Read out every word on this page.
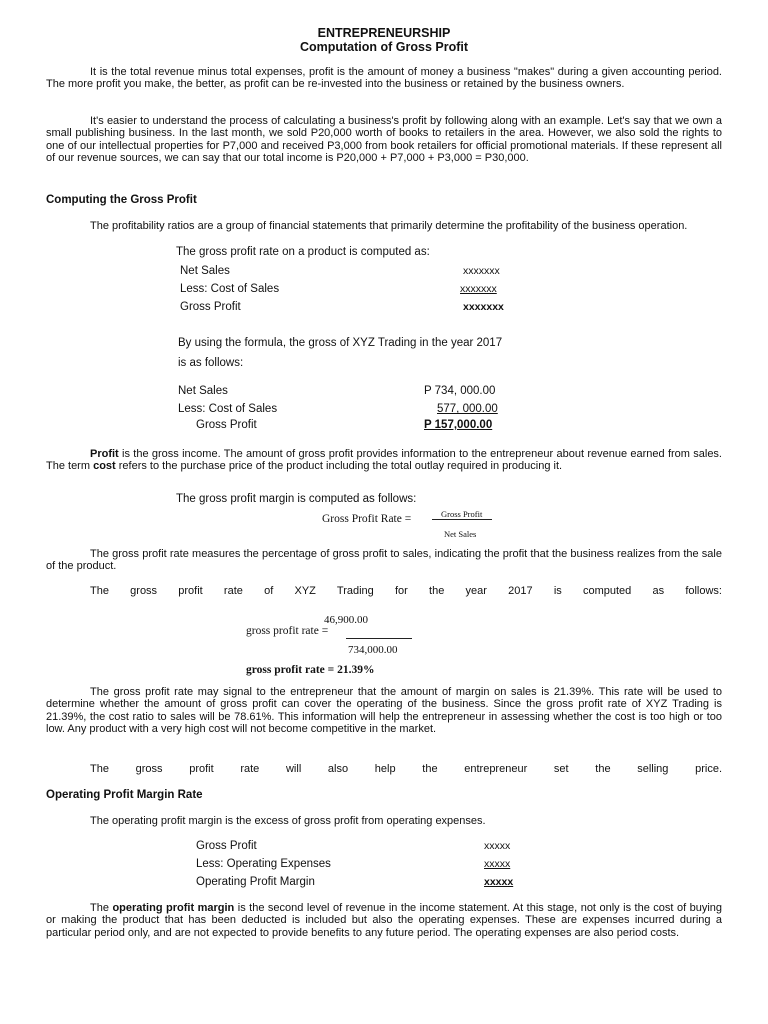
ENTREPRENEURSHIP
Computation of Gross Profit
It is the total revenue minus total expenses, profit is the amount of money a business "makes" during a given accounting period. The more profit you make, the better, as profit can be re-invested into the business or retained by the business owners.
It's easier to understand the process of calculating a business's profit by following along with an example. Let's say that we own a small publishing business. In the last month, we sold P20,000 worth of books to retailers in the area. However, we also sold the rights to one of our intellectual properties for P7,000 and received P3,000 from book retailers for official promotional materials. If these represent all of our revenue sources, we can say that our total income is P20,000 + P7,000 + P3,000 = P30,000.
Computing the Gross Profit
The profitability ratios are a group of financial statements that primarily determine the profitability of the business operation.
The gross profit rate on a product is computed as:
Net Sales	xxxxxxx
Less: Cost of Sales	xxxxxxx
Gross Profit	xxxxxxx
By using the formula, the gross of XYZ Trading in the year 2017
is as follows:
Net Sales	P 734, 000.00
Less: Cost of Sales	577, 000.00
Gross Profit	P 157,000.00
Profit is the gross income. The amount of gross profit provides information to the entrepreneur about revenue earned from sales. The term cost refers to the purchase price of the product including the total outlay required in producing it.
The gross profit margin is computed as follows:
Gross Profit Rate =	Gross Profit
Net Sales
The gross profit rate measures the percentage of gross profit to sales, indicating the profit that the business realizes from the sale of the product.
The gross profit rate of XYZ Trading for the year 2017 is computed as follows:
46,900.00
gross profit rate =
734,000.00
gross profit rate = 21.39%
The gross profit rate may signal to the entrepreneur that the amount of margin on sales is 21.39%. This rate will be used to determine whether the amount of gross profit can cover the operating of the business. Since the gross profit rate of XYZ Trading is 21.39%, the cost ratio to sales will be 78.61%. This information will help the entrepreneur in assessing whether the cost is too high or too low. Any product with a very high cost will not become competitive in the market.
The gross profit rate will also help the entrepreneur set the selling price.
Operating Profit Margin Rate
The operating profit margin is the excess of gross profit from operating expenses.
Gross Profit	xxxxx
Less: Operating Expenses	xxxxx
Operating Profit Margin	xxxxx
The operating profit margin is the second level of revenue in the income statement. At this stage, not only is the cost of buying or making the product that has been deducted is included but also the operating expenses. These are expenses incurred during a particular period only, and are not expected to provide benefits to any future period. The operating expenses are also period costs.
